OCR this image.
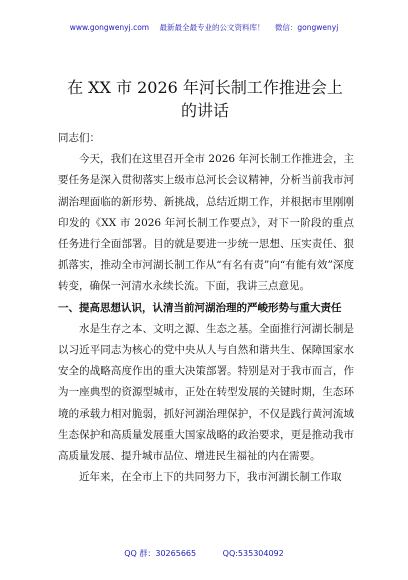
www.gongwenyj.com 最新最全最专业的公文资料库！ 微信：gongwenyj
在 XX 市 2026 年河长制工作推进会上的讲话

同志们：

今天，我们在这里召开全市 2026 年河长制工作推进会，主要任务是深入贯彻落实上级市总河长会议精神，分析当前我市河湖治理面临的新形势、新挑战，总结近期工作，并根据市里刚刚印发的《XX 市 2026 年河长制工作要点》，对下一阶段的重点任务进行全面部署。目的就是要进一步统一思想、压实责任、狠抓落实，推动全市河湖长制工作从“有名有责”向“有能有效”深度转变，确保一河清水永续长流。下面，我讲三点意见。

一、提高思想认识，认清当前河湖治理的严峻形势与重大责任

水是生存之本、文明之源、生态之基。全面推行河湖长制是以习近平同志为核心的党中央从人与自然和谐共生、保障国家水安全的战略高度作出的重大决策部署。特别是对于我市而言，作为一座典型的资源型城市，正处在转型发展的关键时期，生态环境的承载力相对脆弱，抓好河湖治理保护，不仅是践行黄河流域生态保护和高质量发展重大国家战略的政治要求，更是推动我市高质量发展、提升城市品位、增进民生福祉的内在需要。

近年来，在全市上下的共同努力下，我市河湖长制工作取

QQ 群：30265665	QQ:535304092
